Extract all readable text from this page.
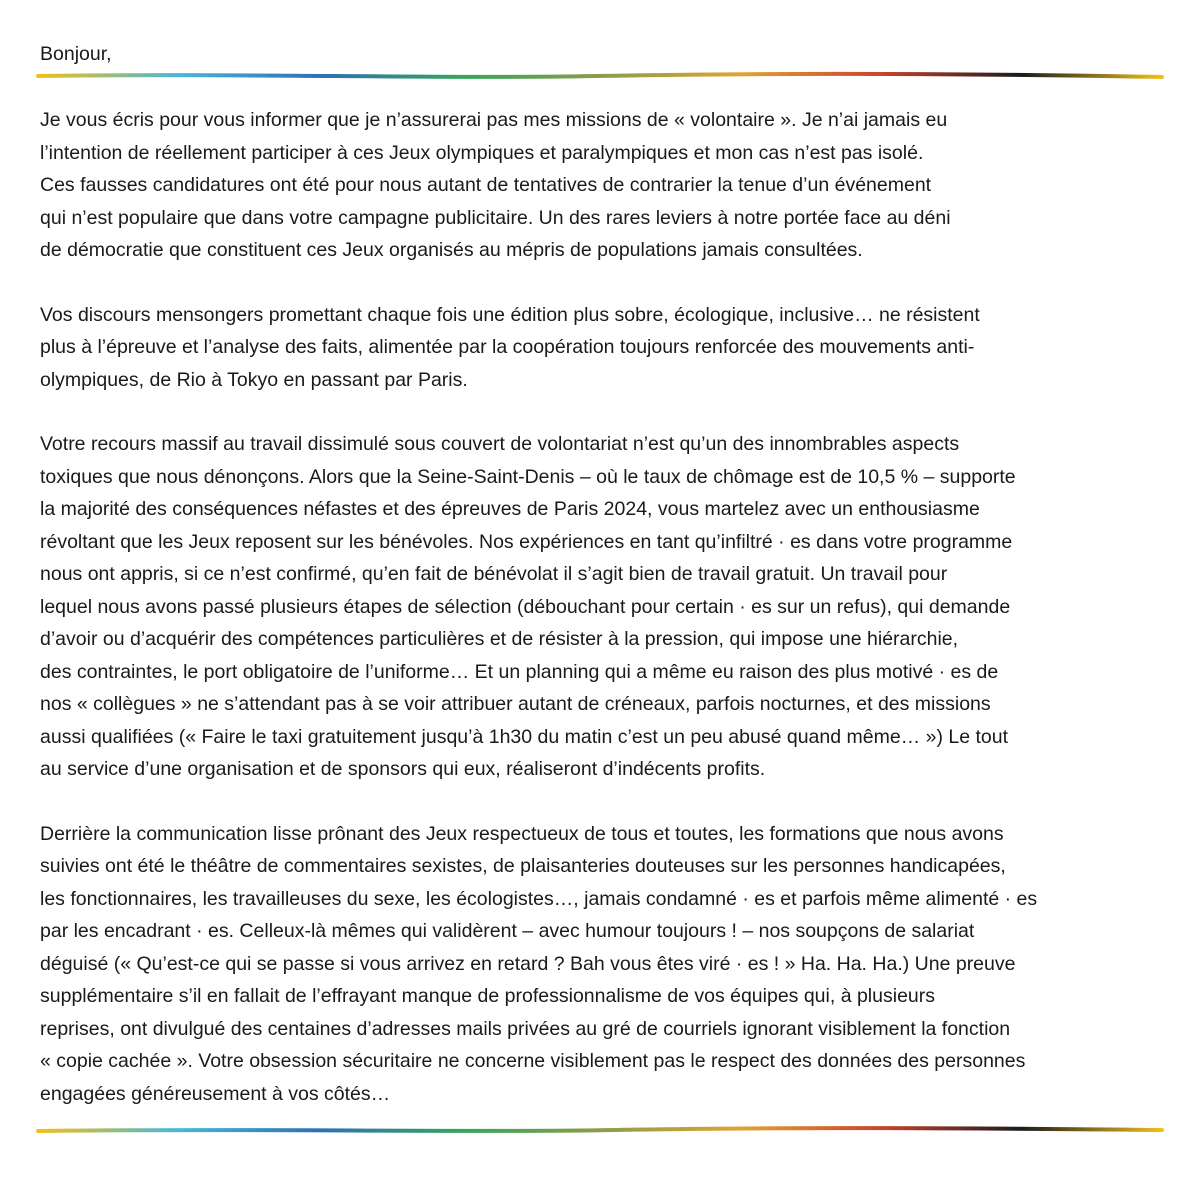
Bonjour,

Je vous écris pour vous informer que je n’assurerai pas mes missions de « volontaire ». Je n’ai jamais eu
l’intention de réellement participer à ces Jeux olympiques et paralympiques et mon cas n’est pas isolé.
Ces fausses candidatures ont été pour nous autant de tentatives de contrarier la tenue d’un événement
qui n’est populaire que dans votre campagne publicitaire. Un des rares leviers à notre portée face au déni
de démocratie que constituent ces Jeux organisés au mépris de populations jamais consultées.

Vos discours mensongers promettant chaque fois une édition plus sobre, écologique, inclusive… ne résistent
plus à l’épreuve et l’analyse des faits, alimentée par la coopération toujours renforcée des mouvements anti-
olympiques, de Rio à Tokyo en passant par Paris.

Votre recours massif au travail dissimulé sous couvert de volontariat n’est qu’un des innombrables aspects
toxiques que nous dénonçons. Alors que la Seine-Saint-Denis – où le taux de chômage est de 10,5 % – supporte
la majorité des conséquences néfastes et des épreuves de Paris 2024, vous martelez avec un enthousiasme
révoltant que les Jeux reposent sur les bénévoles. Nos expériences en tant qu’infiltré · es dans votre programme
nous ont appris, si ce n’est confirmé, qu’en fait de bénévolat il s’agit bien de travail gratuit. Un travail pour
lequel nous avons passé plusieurs étapes de sélection (débouchant pour certain · es sur un refus), qui demande
d’avoir ou d’acquérir des compétences particulières et de résister à la pression, qui impose une hiérarchie,
des contraintes, le port obligatoire de l’uniforme… Et un planning qui a même eu raison des plus motivé · es de
nos « collègues » ne s’attendant pas à se voir attribuer autant de créneaux, parfois nocturnes, et des missions
aussi qualifiées (« Faire le taxi gratuitement jusqu’à 1h30 du matin c’est un peu abusé quand même… ») Le tout
au service d’une organisation et de sponsors qui eux, réaliseront d’indécents profits.

Derrière la communication lisse prônant des Jeux respectueux de tous et toutes, les formations que nous avons
suivies ont été le théâtre de commentaires sexistes, de plaisanteries douteuses sur les personnes handicapées,
les fonctionnaires, les travailleuses du sexe, les écologistes…, jamais condamné · es et parfois même alimenté · es
par les encadrant · es. Celleux-là mêmes qui validèrent – avec humour toujours ! – nos soupçons de salariat
déguisé (« Qu’est-ce qui se passe si vous arrivez en retard ? Bah vous êtes viré · es ! » Ha. Ha. Ha.) Une preuve
supplémentaire s’il en fallait de l’effrayant manque de professionnalisme de vos équipes qui, à plusieurs
reprises, ont divulgué des centaines d’adresses mails privées au gré de courriels ignorant visiblement la fonction
« copie cachée ». Votre obsession sécuritaire ne concerne visiblement pas le respect des données des personnes
engagées généreusement à vos côtés…
